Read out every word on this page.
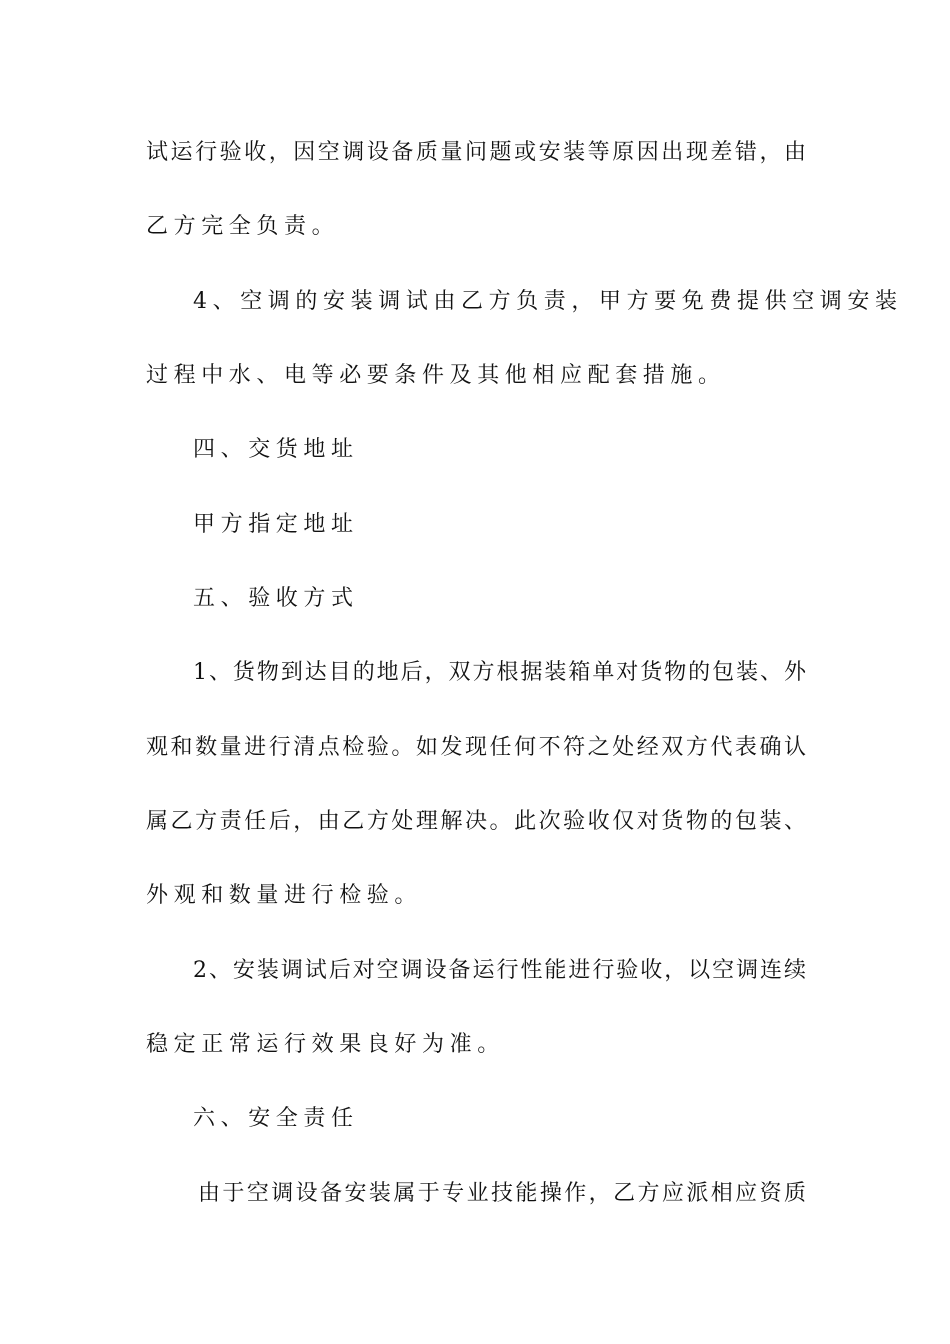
试运行验收，因空调设备质量问题或安装等原因出现差错，由
乙方完全负责。
4、空调的安装调试由乙方负责，甲方要免费提供空调安装
过程中水、电等必要条件及其他相应配套措施。
四、交货地址
甲方指定地址
五、验收方式
1、货物到达目的地后，双方根据装箱单对货物的包装、外
观和数量进行清点检验。如发现任何不符之处经双方代表确认
属乙方责任后，由乙方处理解决。此次验收仅对货物的包装、
外观和数量进行检验。
2、安装调试后对空调设备运行性能进行验收，以空调连续
稳定正常运行效果良好为准。
六、安全责任
由于空调设备安装属于专业技能操作，乙方应派相应资质
